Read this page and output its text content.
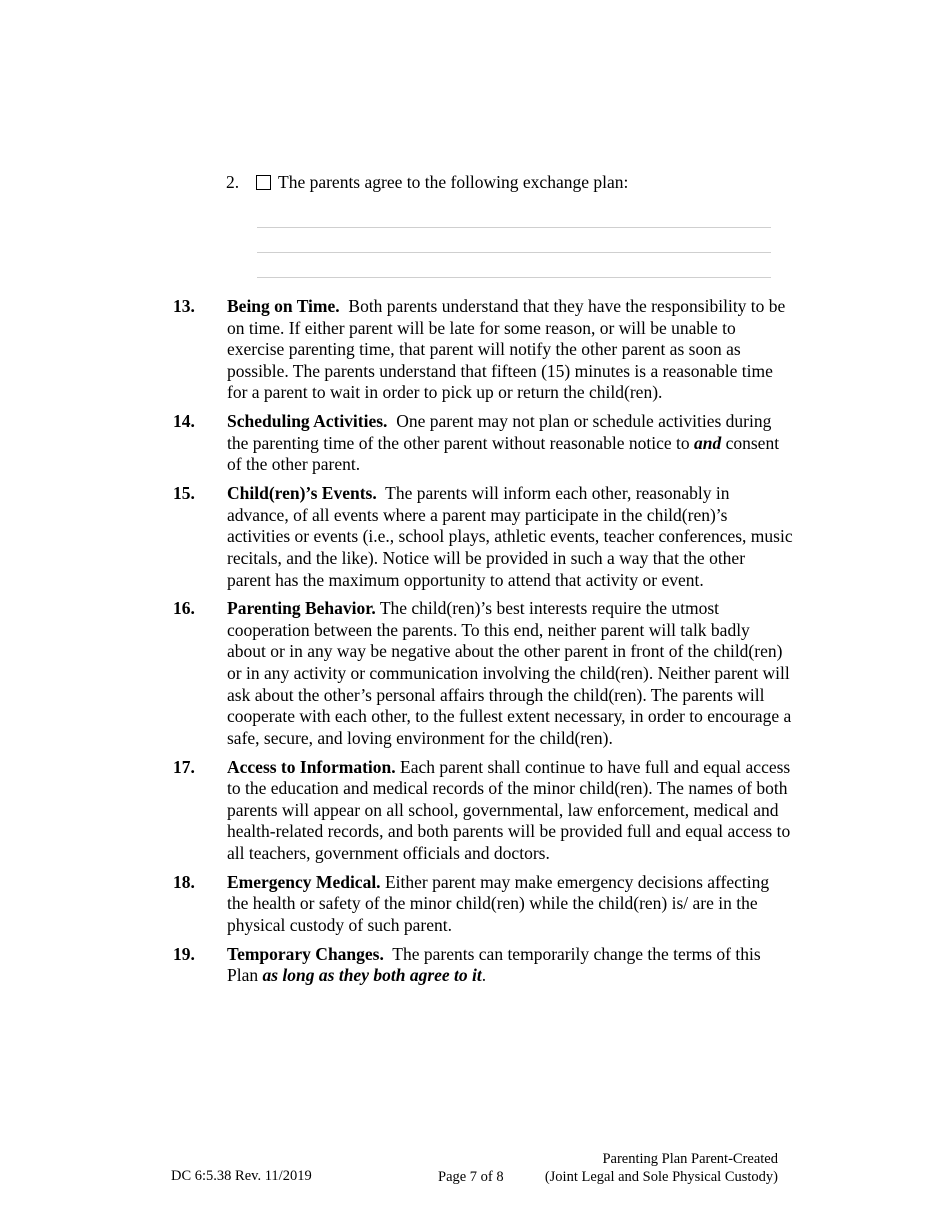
2.	The parents agree to the following exchange plan:
13.	Being on Time. Both parents understand that they have the responsibility to be on time. If either parent will be late for some reason, or will be unable to exercise parenting time, that parent will notify the other parent as soon as possible. The parents understand that fifteen (15) minutes is a reasonable time for a parent to wait in order to pick up or return the child(ren).
14.	Scheduling Activities. One parent may not plan or schedule activities during the parenting time of the other parent without reasonable notice to and consent of the other parent.
15.	Child(ren)’s Events. The parents will inform each other, reasonably in advance, of all events where a parent may participate in the child(ren)’s activities or events (i.e., school plays, athletic events, teacher conferences, music recitals, and the like). Notice will be provided in such a way that the other parent has the maximum opportunity to attend that activity or event.
16.	Parenting Behavior. The child(ren)’s best interests require the utmost cooperation between the parents. To this end, neither parent will talk badly about or in any way be negative about the other parent in front of the child(ren) or in any activity or communication involving the child(ren). Neither parent will ask about the other’s personal affairs through the child(ren). The parents will cooperate with each other, to the fullest extent necessary, in order to encourage a safe, secure, and loving environment for the child(ren).
17.	Access to Information. Each parent shall continue to have full and equal access to the education and medical records of the minor child(ren). The names of both parents will appear on all school, governmental, law enforcement, medical and health-related records, and both parents will be provided full and equal access to all teachers, government officials and doctors.
18.	Emergency Medical. Either parent may make emergency decisions affecting the health or safety of the minor child(ren) while the child(ren) is/ are in the physical custody of such parent.
19.	Temporary Changes. The parents can temporarily change the terms of this Plan as long as they both agree to it.
DC 6:5.38 Rev. 11/2019	Page 7 of 8
Parenting Plan Parent-Created
(Joint Legal and Sole Physical Custody)
